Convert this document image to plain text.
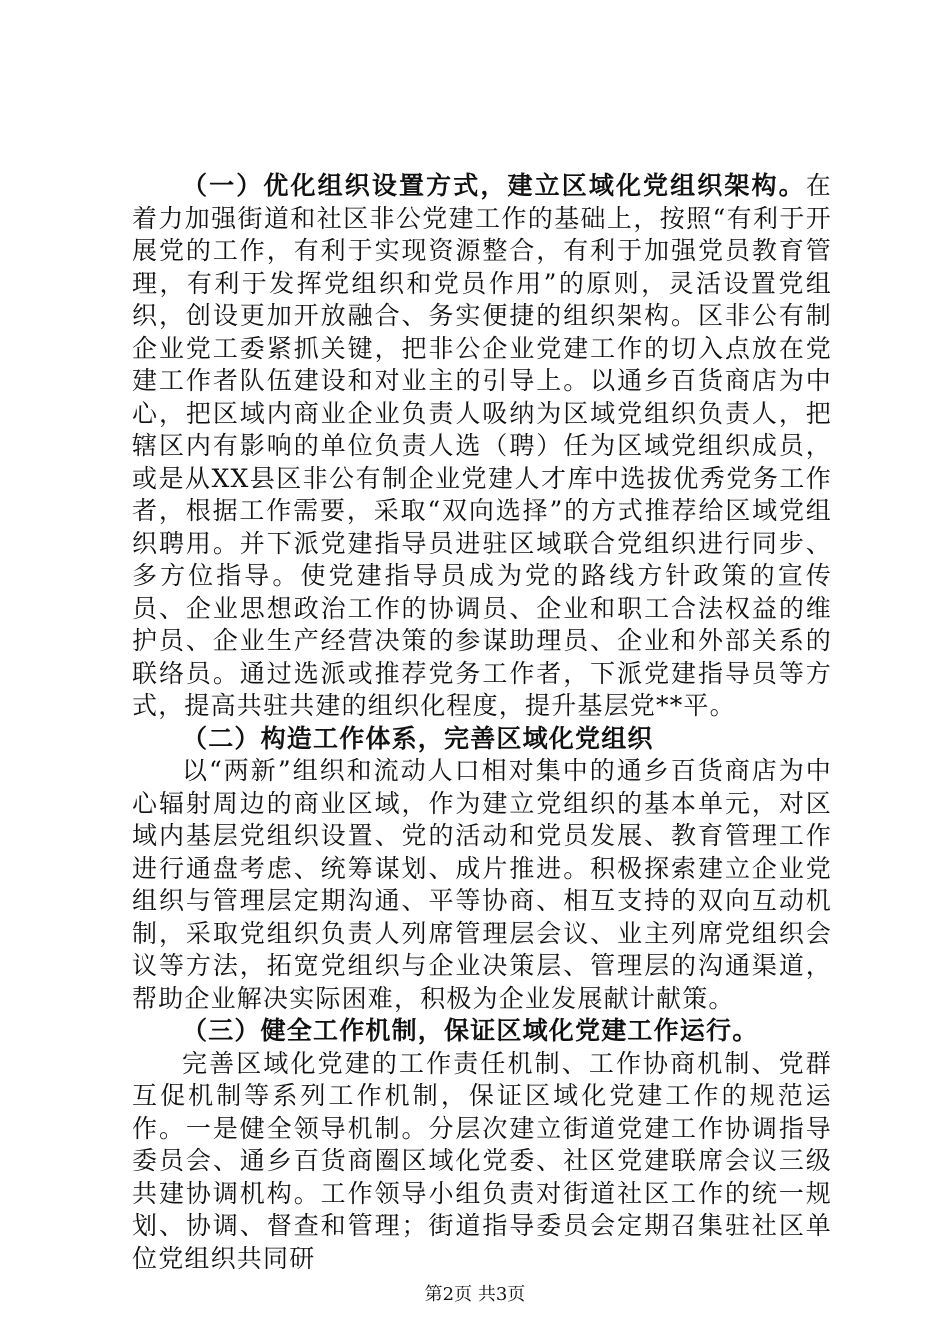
（一）优化组织设置方式，建立区域化党组织架构。在着力加强街道和社区非公党建工作的基础上，按照“有利于开展党的工作，有利于实现资源整合，有利于加强党员教育管理，有利于发挥党组织和党员作用”的原则，灵活设置党组织，创设更加开放融合、务实便捷的组织架构。区非公有制企业党工委紧抓关键，把非公企业党建工作的切入点放在党建工作者队伍建设和对业主的引导上。以通乡百货商店为中心，把区域内商业企业负责人吸纳为区域党组织负责人，把辖区内有影响的单位负责人选（聘）任为区域党组织成员，或是从XX县区非公有制企业党建人才库中选拔优秀党务工作者，根据工作需要，采取“双向选择”的方式推荐给区域党组织聘用。并下派党建指导员进驻区域联合党组织进行同步、多方位指导。使党建指导员成为党的路线方针政策的宣传员、企业思想政治工作的协调员、企业和职工合法权益的维护员、企业生产经营决策的参谋助理员、企业和外部关系的联络员。通过选派或推荐党务工作者，下派党建指导员等方式，提高共驻共建的组织化程度，提升基层党**平。

（二）构造工作体系，完善区域化党组织

以“两新”组织和流动人口相对集中的通乡百货商店为中心辐射周边的商业区域，作为建立党组织的基本单元，对区域内基层党组织设置、党的活动和党员发展、教育管理工作进行通盘考虑、统筹谋划、成片推进。积极探索建立企业党组织与管理层定期沟通、平等协商、相互支持的双向互动机制，采取党组织负责人列席管理层会议、业主列席党组织会议等方法，拓宽党组织与企业决策层、管理层的沟通渠道，帮助企业解决实际困难，积极为企业发展献计献策。

（三）健全工作机制，保证区域化党建工作运行。

完善区域化党建的工作责任机制、工作协商机制、党群互促机制等系列工作机制，保证区域化党建工作的规范运作。一是健全领导机制。分层次建立街道党建工作协调指导委员会、通乡百货商圈区域化党委、社区党建联席会议三级共建协调机构。工作领导小组负责对街道社区工作的统一规划、协调、督查和管理；街道指导委员会定期召集驻社区单位党组织共同研

第2页 共3页
